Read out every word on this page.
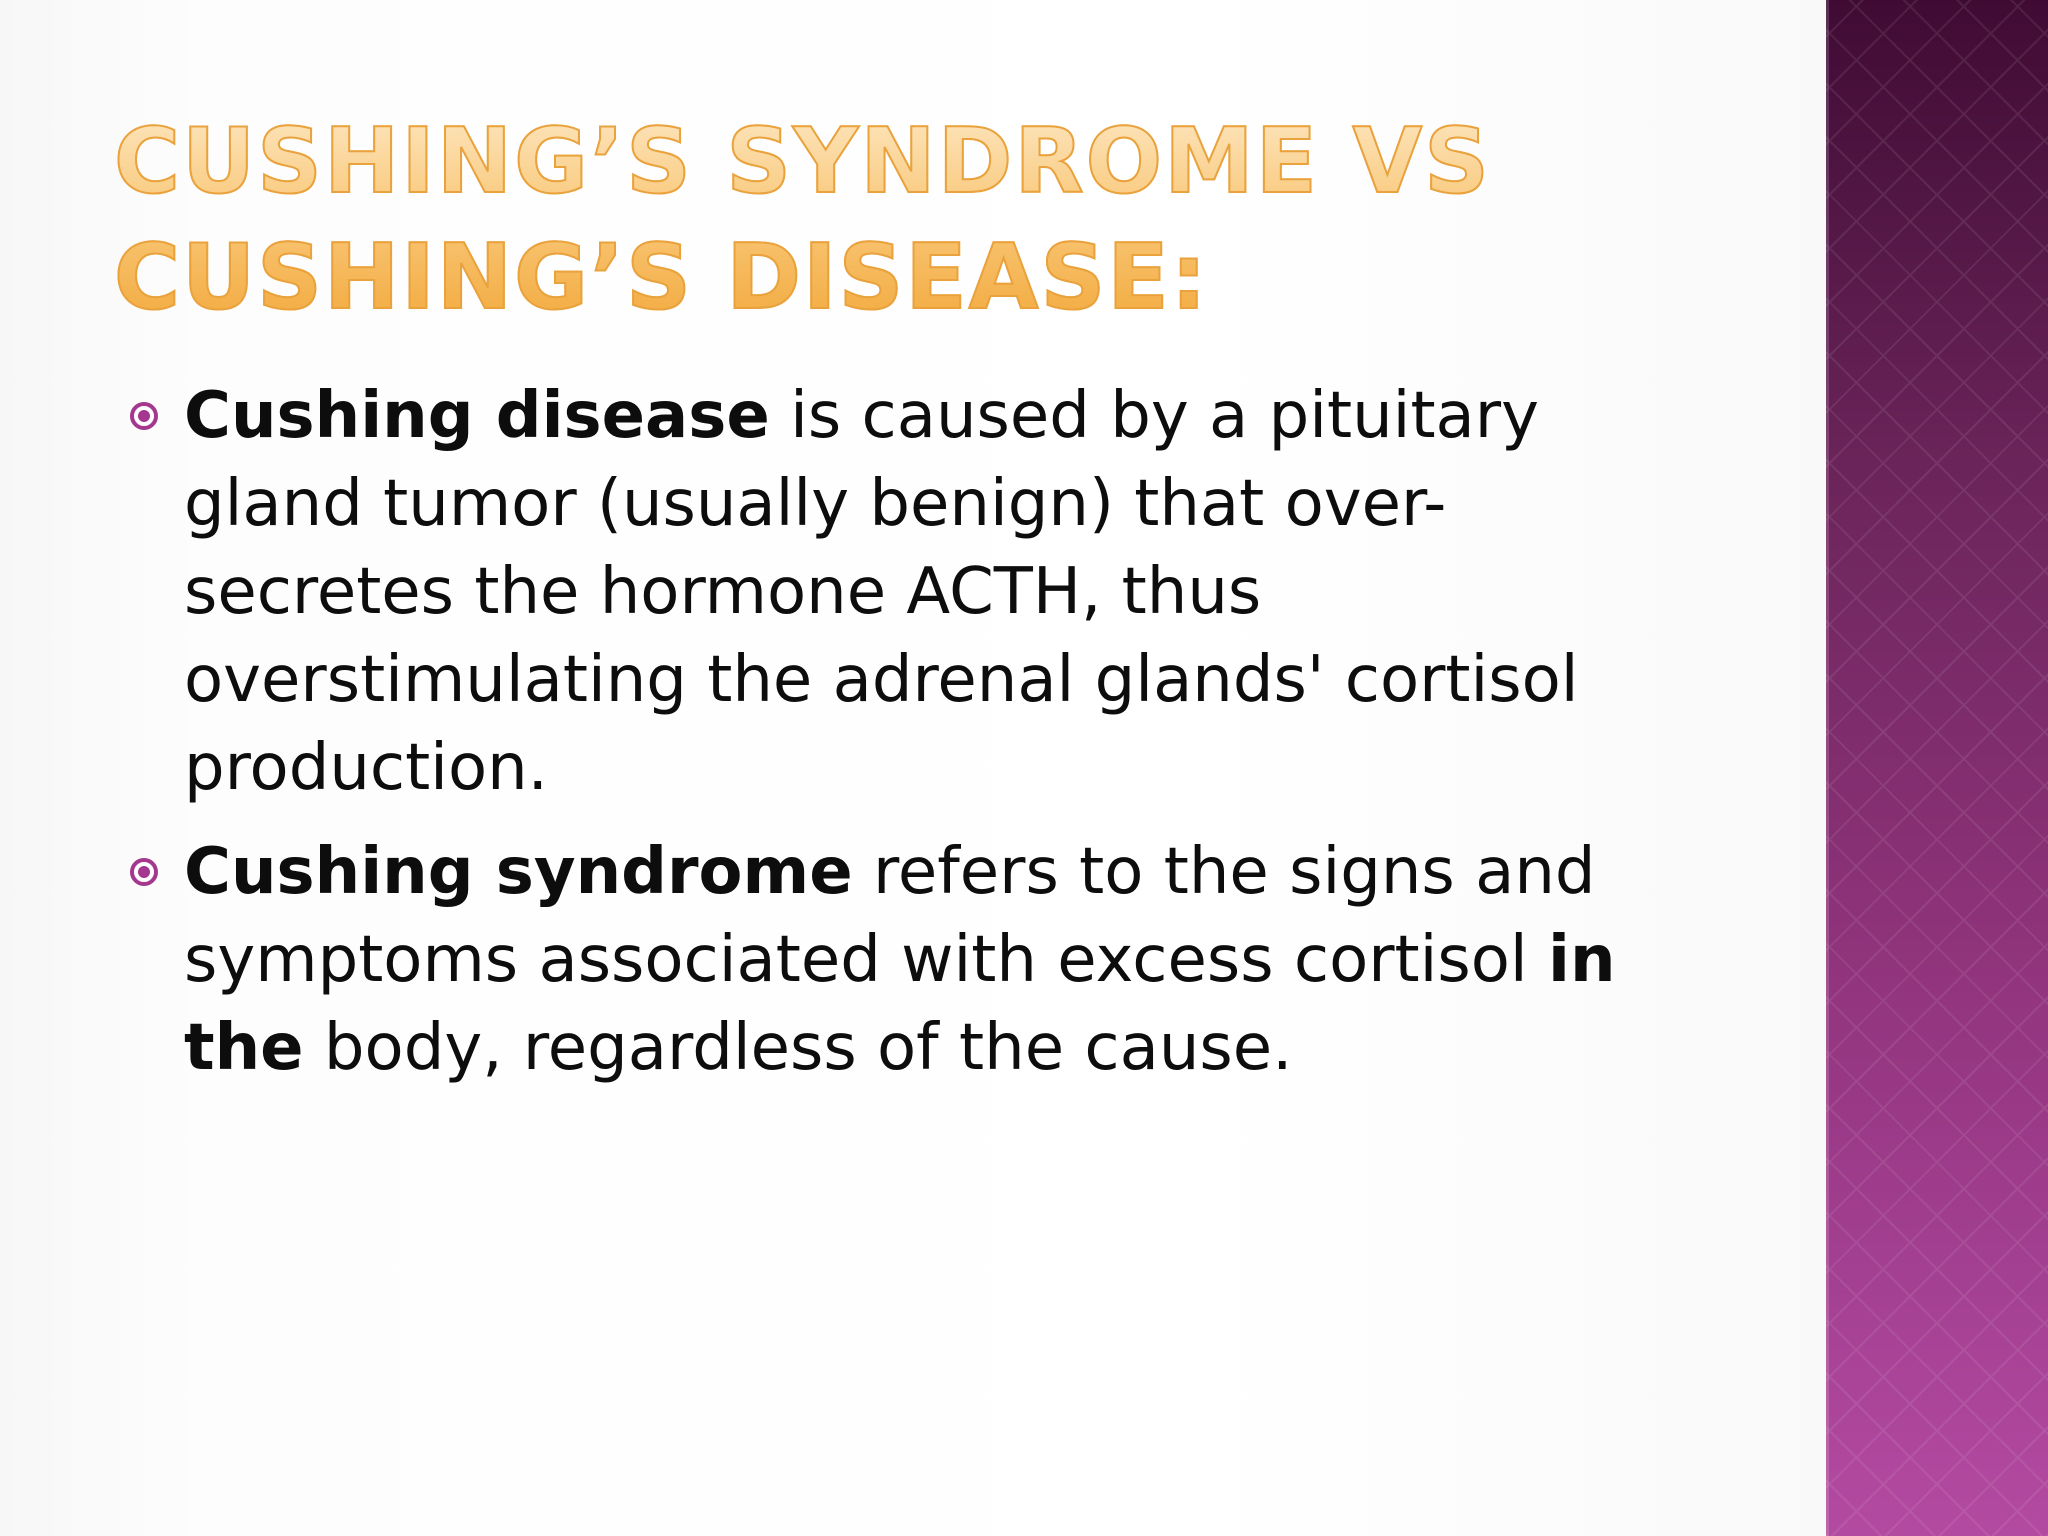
CUSHING’S SYNDROME VS
CUSHING’S DISEASE:
Cushing disease is caused by a pituitary gland tumor (usually benign) that over-secretes the hormone ACTH, thus overstimulating the adrenal glands' cortisol production.
Cushing syndrome refers to the signs and symptoms associated with excess cortisol in the body, regardless of the cause.
